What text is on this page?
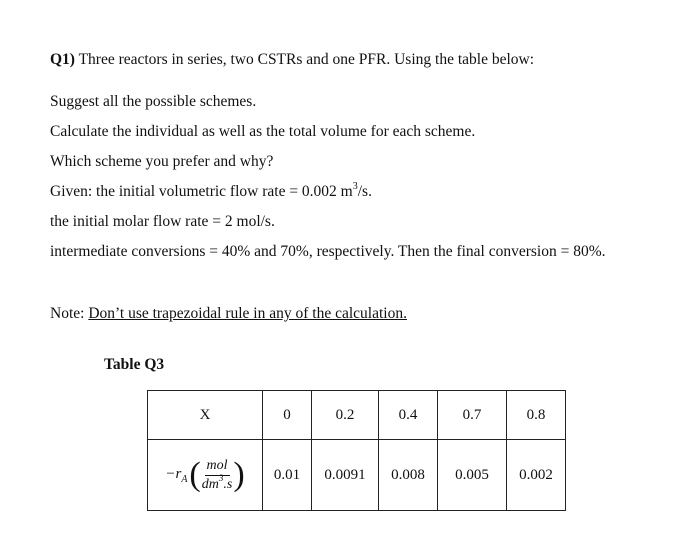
Q1) Three reactors in series, two CSTRs and one PFR. Using the table below:
Suggest all the possible schemes.
Calculate the individual as well as the total volume for each scheme.
Which scheme you prefer and why?
Given: the initial volumetric flow rate = 0.002 $m^3/s$.
the initial molar flow rate = 2 mol/s.
intermediate conversions = 40% and 70%, respectively. Then the final conversion = 80%.
Note: Don’t use trapezoidal rule in any of the calculation.
Table Q3
X	0	0.2	0.4	0.7	0.8

$-r_A$ ( $\frac{\text{mol}}{dm^3.s}$ )	0.01	0.0091	0.008	0.005	0.002
